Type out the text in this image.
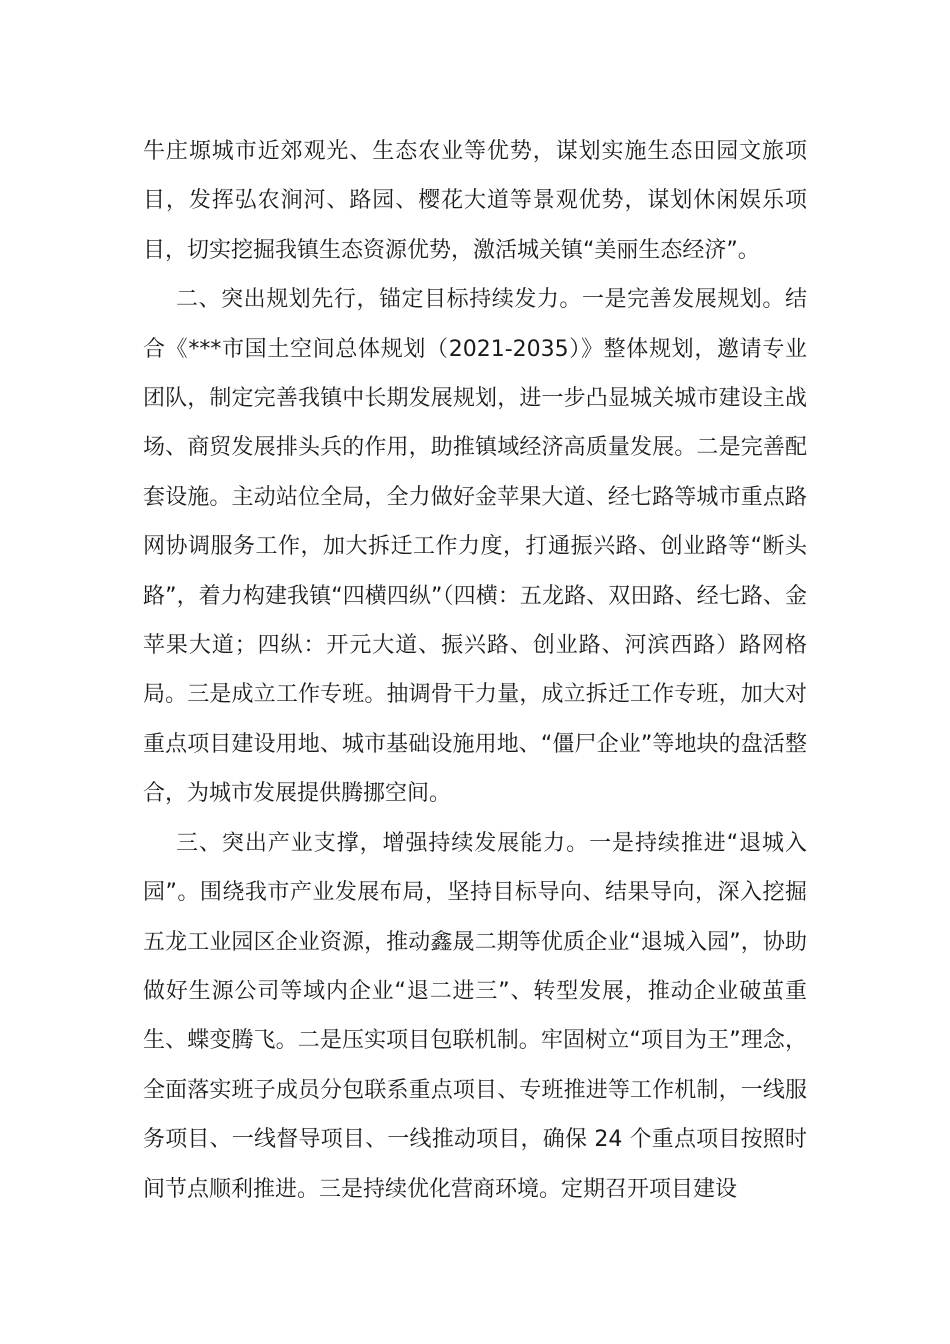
牛庄塬城市近郊观光、生态农业等优势，谋划实施生态田园文旅项目，发挥弘农涧河、路园、樱花大道等景观优势，谋划休闲娱乐项目，切实挖掘我镇生态资源优势，激活城关镇“美丽生态经济”。

二、突出规划先行，锚定目标持续发力。一是完善发展规划。结合《***市国土空间总体规划（2021-2035）》整体规划，邀请专业团队，制定完善我镇中长期发展规划，进一步凸显城关城市建设主战场、商贸发展排头兵的作用，助推镇域经济高质量发展。二是完善配套设施。主动站位全局，全力做好金苹果大道、经七路等城市重点路网协调服务工作，加大拆迁工作力度，打通振兴路、创业路等“断头路”，着力构建我镇“四横四纵”（四横：五龙路、双田路、经七路、金苹果大道；四纵：开元大道、振兴路、创业路、河滨西路）路网格局。三是成立工作专班。抽调骨干力量，成立拆迁工作专班，加大对重点项目建设用地、城市基础设施用地、“僵尸企业”等地块的盘活整合，为城市发展提供腾挪空间。

三、突出产业支撑，增强持续发展能力。一是持续推进“退城入园”。围绕我市产业发展布局，坚持目标导向、结果导向，深入挖掘五龙工业园区企业资源，推动鑫晟二期等优质企业“退城入园”，协助做好生源公司等域内企业“退二进三”、转型发展，推动企业破茧重生、蝶变腾飞。二是压实项目包联机制。牢固树立“项目为王”理念，全面落实班子成员分包联系重点项目、专班推进等工作机制，一线服务项目、一线督导项目、一线推动项目，确保 24 个重点项目按照时间节点顺利推进。三是持续优化营商环境。定期召开项目建设
